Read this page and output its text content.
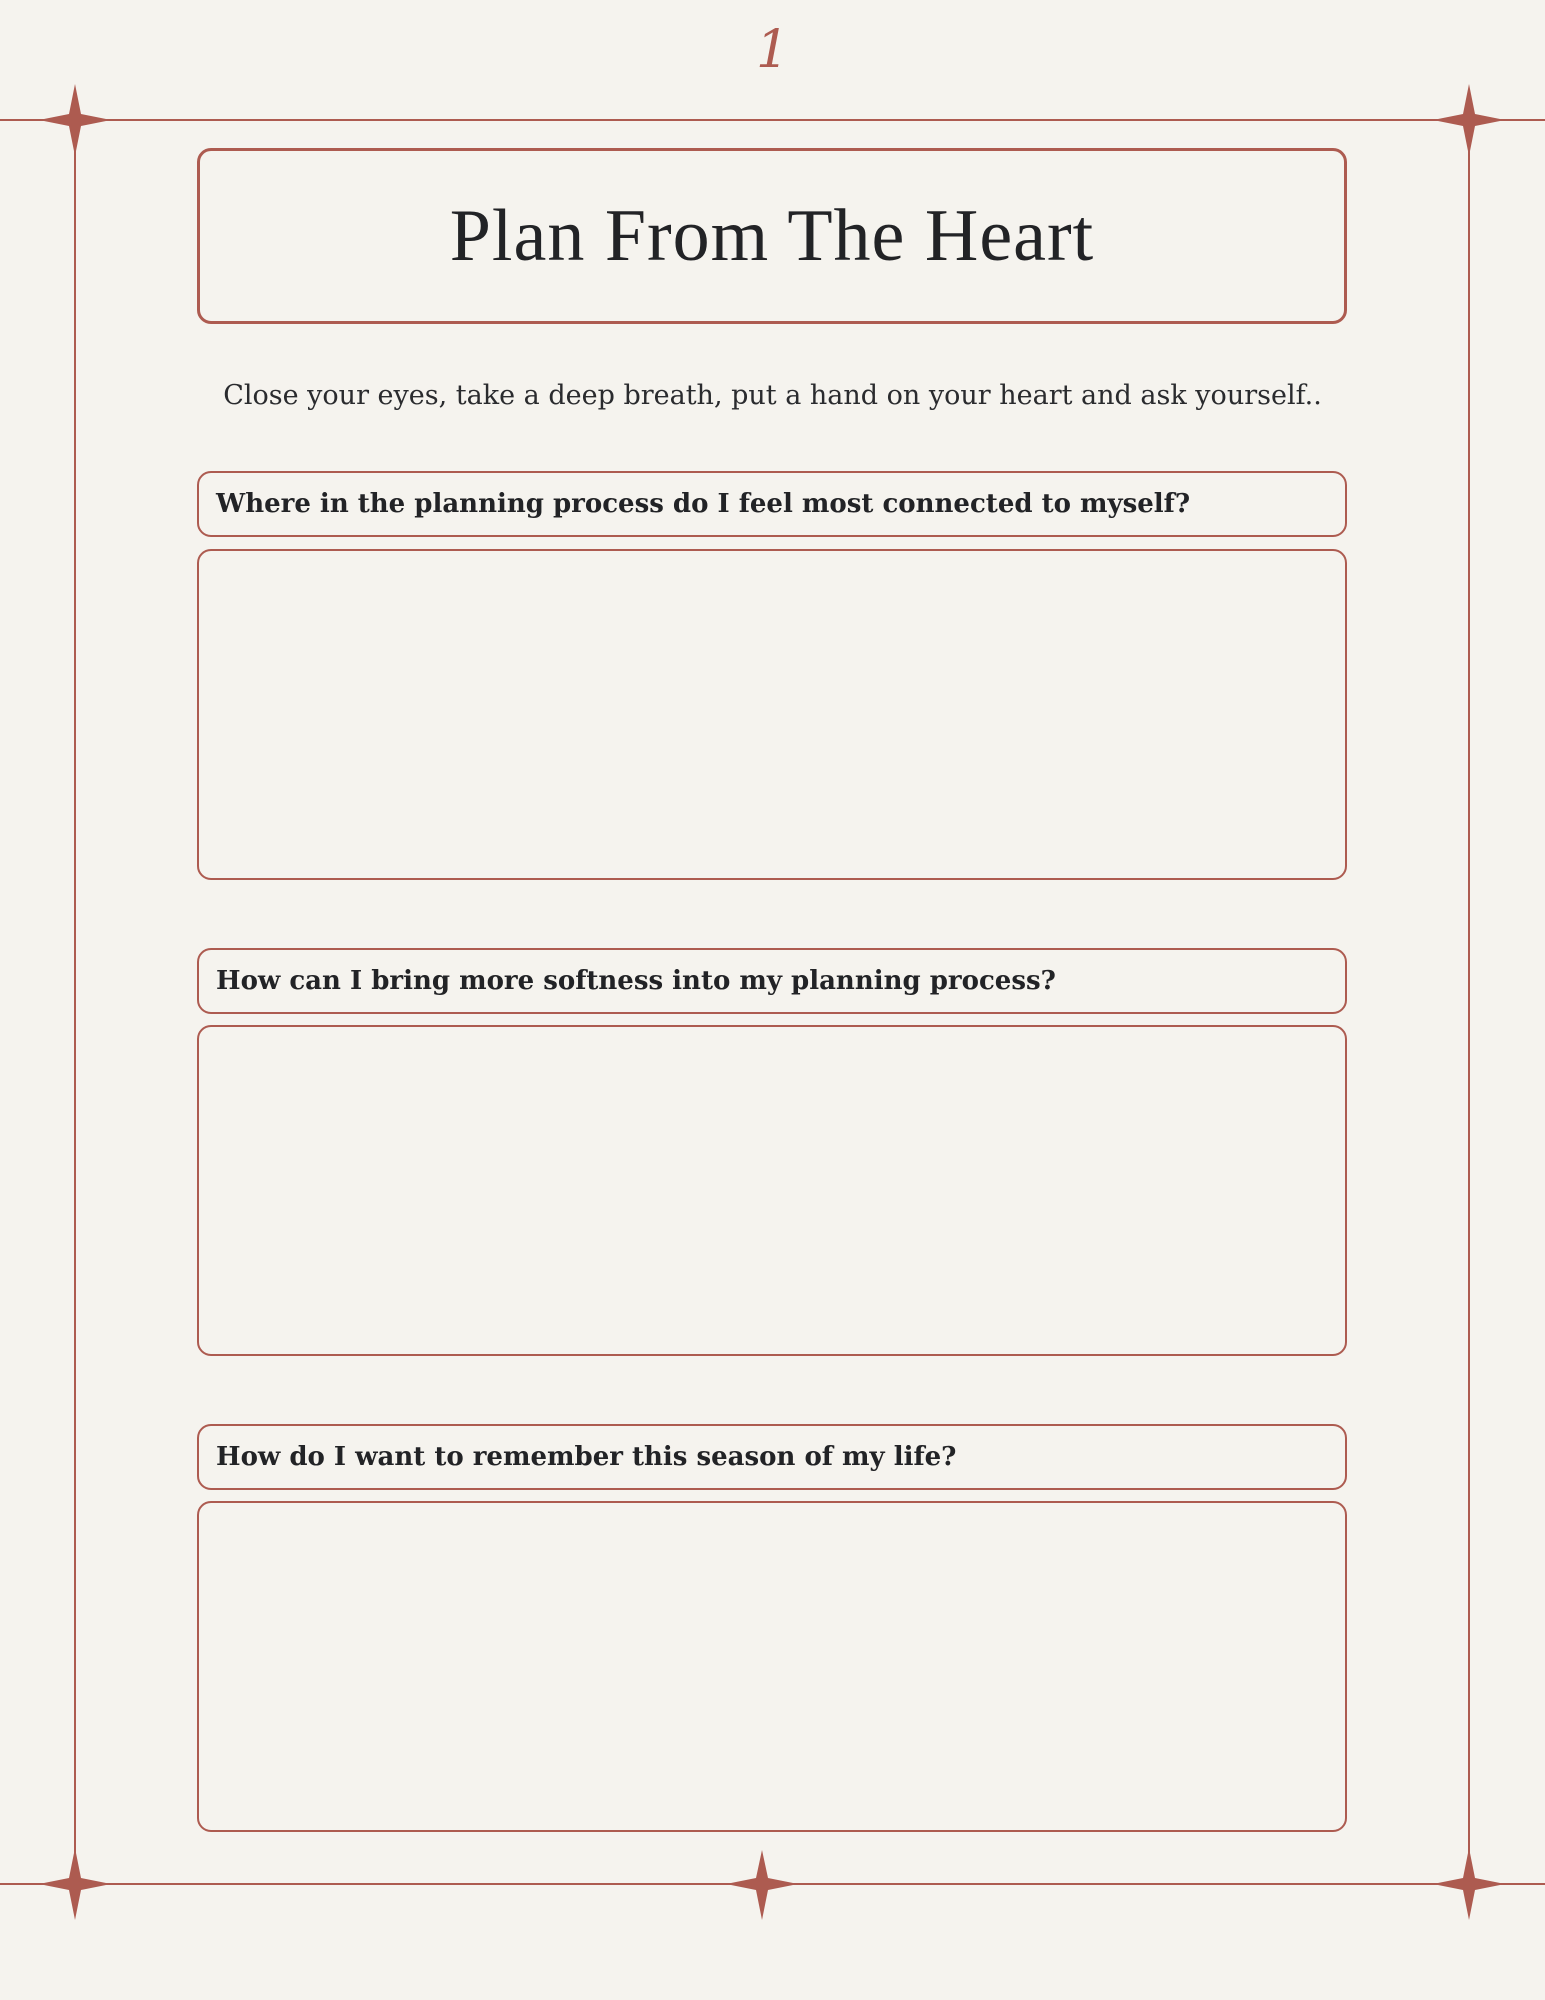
1
Plan From The Heart
Close your eyes, take a deep breath, put a hand on your heart and ask yourself..
Where in the planning process do I feel most connected to myself?
How can I bring more softness into my planning process?
How do I want to remember this season of my life?
